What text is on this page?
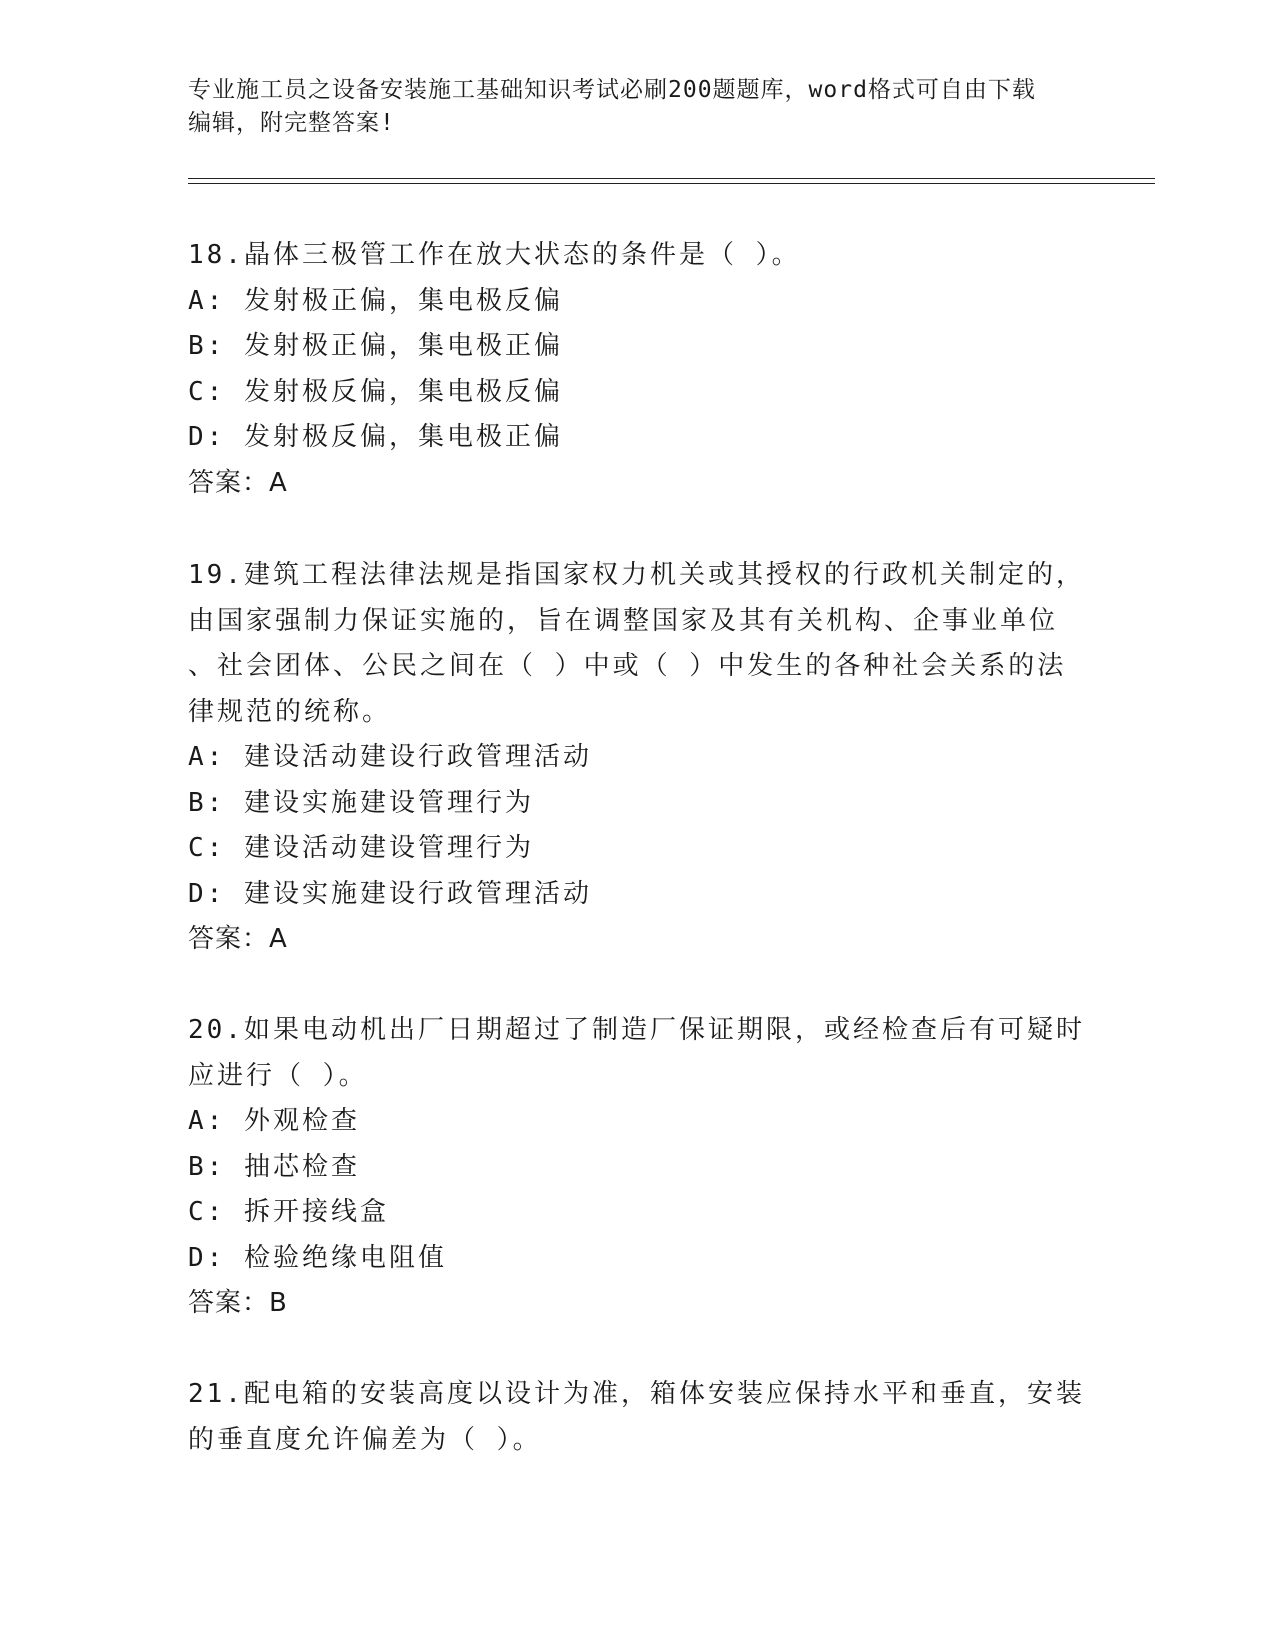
专业施工员之设备安装施工基础知识考试必刷200题题库，word格式可自由下载
编辑，附完整答案!
18.晶体三极管工作在放大状态的条件是（ ）。
A: 发射极正偏，集电极反偏
B: 发射极正偏，集电极正偏
C: 发射极反偏，集电极反偏
D: 发射极反偏，集电极正偏
答案：A
19.建筑工程法律法规是指国家权力机关或其授权的行政机关制定的，
由国家强制力保证实施的，旨在调整国家及其有关机构、企事业单位
、社会团体、公民之间在（ ）中或（ ）中发生的各种社会关系的法
律规范的统称。
A: 建设活动建设行政管理活动
B: 建设实施建设管理行为
C: 建设活动建设管理行为
D: 建设实施建设行政管理活动
答案：A
20.如果电动机出厂日期超过了制造厂保证期限，或经检查后有可疑时
应进行（ ）。
A: 外观检查
B: 抽芯检查
C: 拆开接线盒
D: 检验绝缘电阻值
答案：B
21.配电箱的安装高度以设计为准，箱体安装应保持水平和垂直，安装
的垂直度允许偏差为（ ）。
